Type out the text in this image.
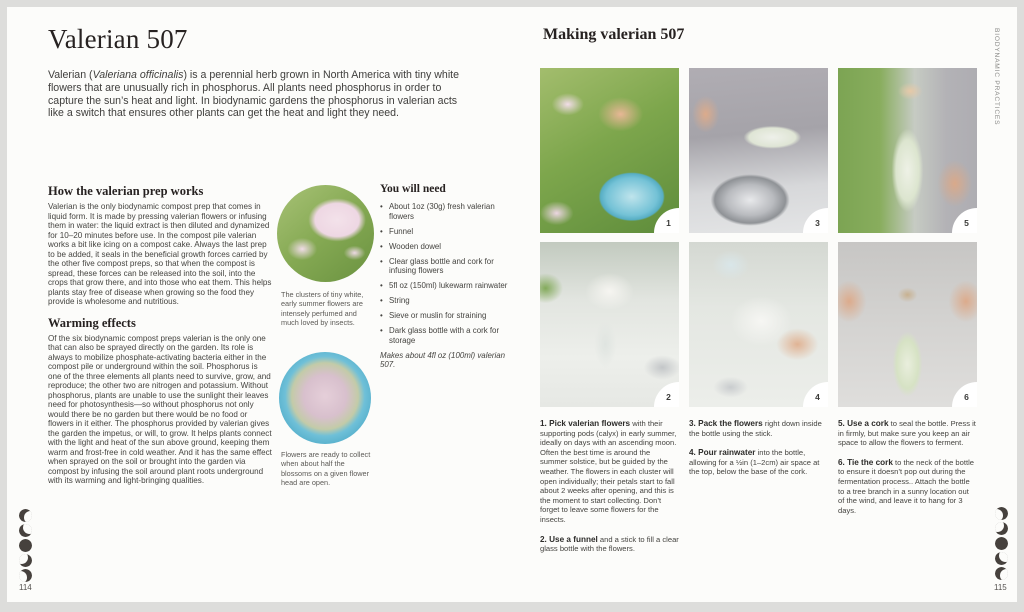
Valerian 507

Valerian (Valeriana officinalis) is a perennial herb grown in North America with tiny white flowers that are unusually rich in phosphorus. All plants need phosphorus in order to capture the sun’s heat and light. In biodynamic gardens the phosphorus in valerian acts like a switch that ensures other plants can get the heat and light they need.

How the valerian prep works

Valerian is the only biodynamic compost prep that comes in liquid form. It is made by pressing valerian flowers or infusing them in water: the liquid extract is then diluted and dynamized for 10–20 minutes before use. In the compost pile valerian works a bit like icing on a compost cake. Always the last prep to be added, it seals in the beneficial growth forces carried by the other five compost preps, so that when the compost is spread, these forces can be released into the soil, into the crops that grow there, and into those who eat them. This helps plants stay free of disease when growing so the food they provide is wholesome and nutritious.

Warming effects

Of the six biodynamic compost preps valerian is the only one that can also be sprayed directly on the garden. Its role is always to mobilize phosphate-activating bacteria either in the compost pile or underground within the soil. Phosphorus is one of the three elements all plants need to survive, grow, and reproduce; the other two are nitrogen and potassium. Without phosphorus, plants are unable to use the sunlight their leaves need for photosynthesis—so without phosphorus not only would there be no garden but there would be no food or flowers in it either. The phosphorus provided by valerian gives the garden the impetus, or will, to grow. It helps plants connect with the light and heat of the sun above ground, keeping them warm and frost-free in cold weather. And it has the same effect when sprayed on the soil or brought into the garden via compost by infusing the soil around plant roots underground with its warming and light-bringing qualities.

The clusters of tiny white, early summer flowers are intensely perfumed and much loved by insects.

Flowers are ready to collect when about half the blossoms on a given flower head are open.

You will need
• About 1oz (30g) fresh valerian flowers
• Funnel
• Wooden dowel
• Clear glass bottle and cork for infusing flowers
• 5fl oz (150ml) lukewarm rainwater
• String
• Sieve or muslin for straining
• Dark glass bottle with a cork for storage

Makes about 4fl oz (100ml) valerian 507.

114
Making valerian 507	BIODYNAMIC PRACTICES
1	3	5
2	4	6

1. Pick valerian flowers with their supporting pods (calyx) in early summer, ideally on days with an ascending moon. Often the best time is around the summer solstice, but be guided by the weather. The flowers in each cluster will open individually; their petals start to fall about 2 weeks after opening, and this is the moment to start collecting. Don’t forget to leave some flowers for the insects.

2. Use a funnel and a stick to fill a clear glass bottle with the flowers.

3. Pack the flowers right down inside the bottle using the stick.

4. Pour rainwater into the bottle, allowing for a ½in (1–2cm) air space at the top, below the base of the cork.

5. Use a cork to seal the bottle. Press it in firmly, but make sure you keep an air space to allow the flowers to ferment.

6. Tie the cork to the neck of the bottle to ensure it doesn’t pop out during the fermentation process.. Attach the bottle to a tree branch in a sunny location out of the wind, and leave it to hang for 3 days.

115
